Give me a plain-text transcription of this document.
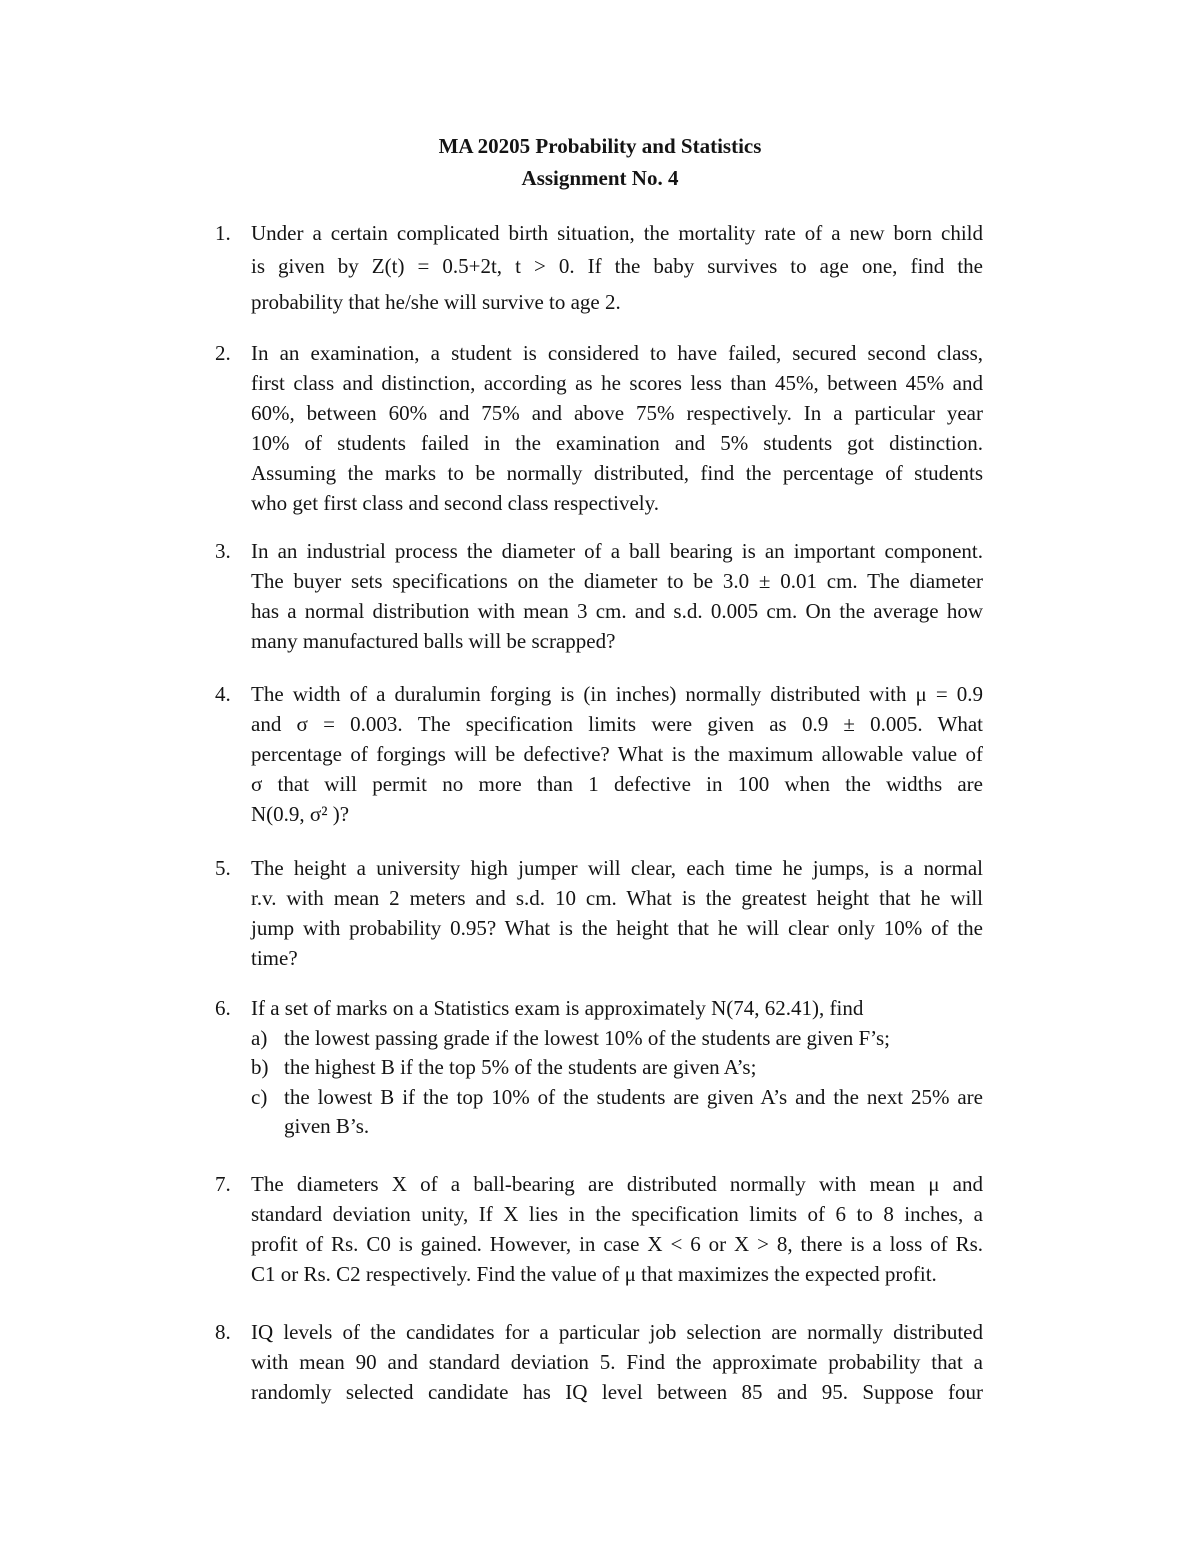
MA 20205 Probability and Statistics
Assignment No. 4
1. Under a certain complicated birth situation, the mortality rate of a new born child
is given by Z(t) = 0.5+2t, t > 0. If the baby survives to age one, find the
probability that he/she will survive to age 2.
2. In an examination, a student is considered to have failed, secured second class,
first class and distinction, according as he scores less than 45%, between 45% and
60%, between 60% and 75% and above 75% respectively. In a particular year
10% of students failed in the examination and 5% students got distinction.
Assuming the marks to be normally distributed, find the percentage of students
who get first class and second class respectively.
3. In an industrial process the diameter of a ball bearing is an important component.
The buyer sets specifications on the diameter to be 3.0 ± 0.01 cm. The diameter
has a normal distribution with mean 3 cm. and s.d. 0.005 cm. On the average how
many manufactured balls will be scrapped?
4. The width of a duralumin forging is (in inches) normally distributed with μ = 0.9
and σ = 0.003. The specification limits were given as 0.9 ± 0.005. What
percentage of forgings will be defective? What is the maximum allowable value of
σ that will permit no more than 1 defective in 100 when the widths are
N(0.9, σ² )?
5. The height a university high jumper will clear, each time he jumps, is a normal
r.v. with mean 2 meters and s.d. 10 cm. What is the greatest height that he will
jump with probability 0.95? What is the height that he will clear only 10% of the
time?
6. If a set of marks on a Statistics exam is approximately N(74, 62.41), find
a) the lowest passing grade if the lowest 10% of the students are given F’s;
b) the highest B if the top 5% of the students are given A’s;
c) the lowest B if the top 10% of the students are given A’s and the next 25% are
given B’s.
7. The diameters X of a ball-bearing are distributed normally with mean μ and
standard deviation unity, If X lies in the specification limits of 6 to 8 inches, a
profit of Rs. C0 is gained. However, in case X < 6 or X > 8, there is a loss of Rs.
C1 or Rs. C2 respectively. Find the value of μ that maximizes the expected profit.
8. IQ levels of the candidates for a particular job selection are normally distributed
with mean 90 and standard deviation 5. Find the approximate probability that a
randomly selected candidate has IQ level between 85 and 95. Suppose four
